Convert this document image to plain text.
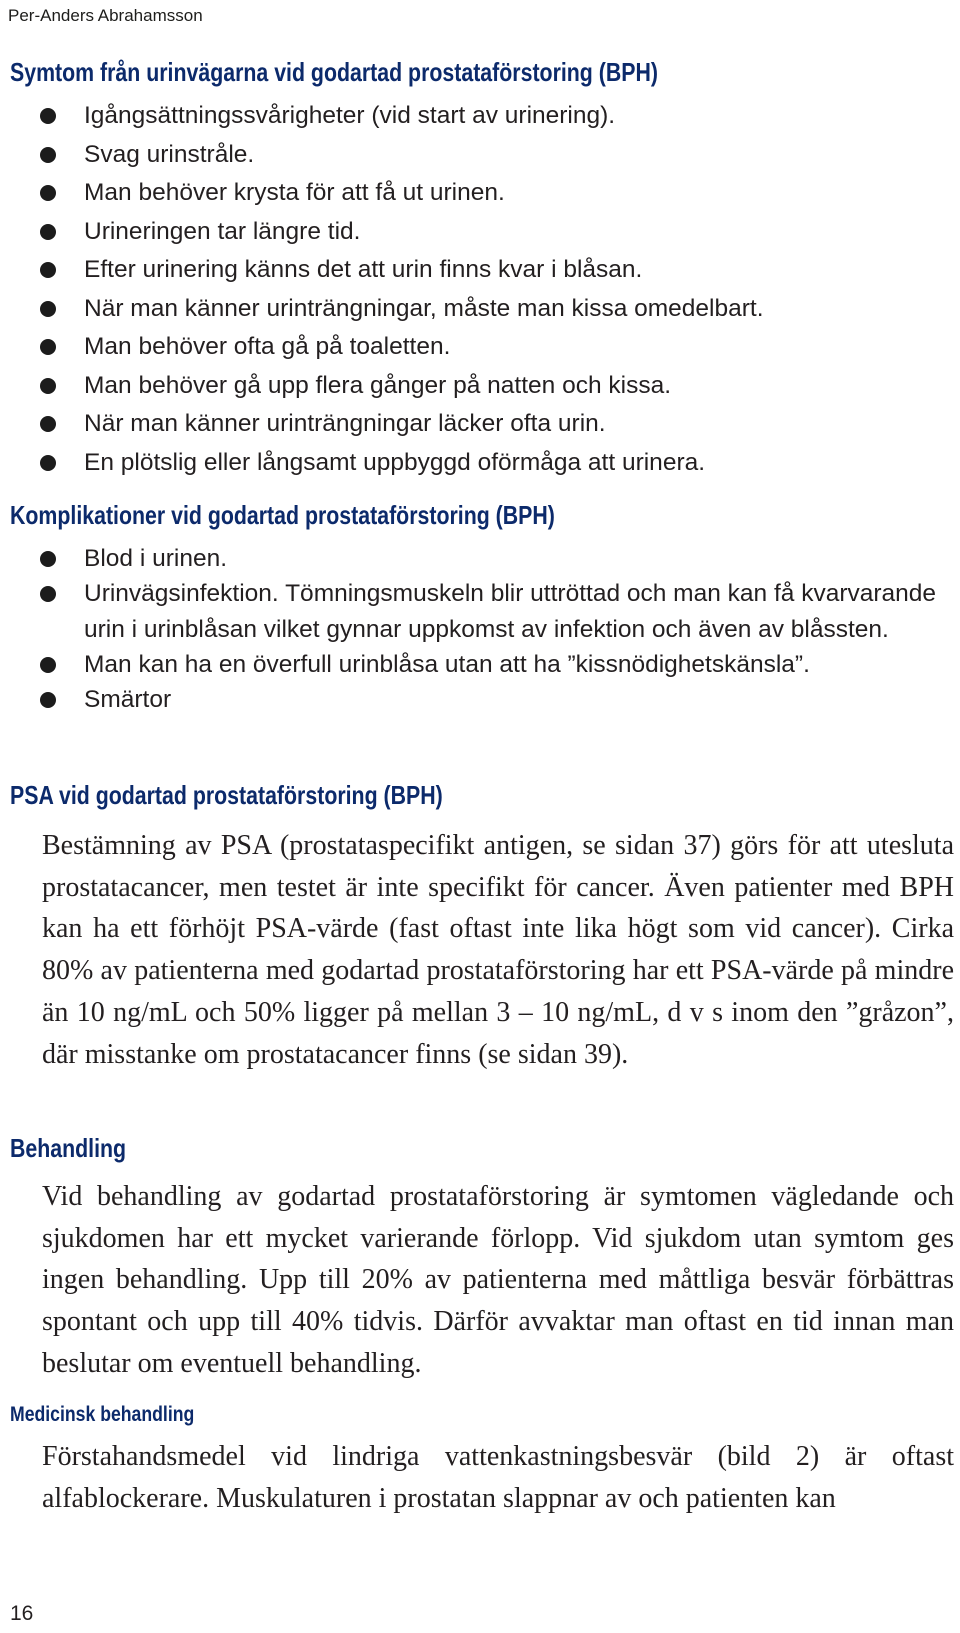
Per-Anders Abrahamsson
Symtom från urinvägarna vid godartad prostataförstoring (BPH)
Igångsättningssvårigheter (vid start av urinering).
Svag urinstråle.
Man behöver krysta för att få ut urinen.
Urineringen tar längre tid.
Efter urinering känns det att urin finns kvar i blåsan.
När man känner urinträngningar, måste man kissa omedelbart.
Man behöver ofta gå på toaletten.
Man behöver gå upp flera gånger på natten och kissa.
När man känner urinträngningar läcker ofta urin.
En plötslig eller långsamt uppbyggd oförmåga att urinera.
Komplikationer vid godartad prostataförstoring (BPH)
Blod i urinen.
Urinvägsinfektion. Tömningsmuskeln blir uttröttad och man kan få kvarvarande urin i urinblåsan vilket gynnar uppkomst av infektion och även av blåssten.
Man kan ha en överfull urinblåsa utan att ha ”kissnödighetskänsla”.
Smärtor
PSA vid godartad prostataförstoring (BPH)

Bestämning av PSA (prostataspecifikt antigen, se sidan 37) görs för att utesluta prostatacancer, men testet är inte specifikt för cancer. Även patienter med BPH kan ha ett förhöjt PSA-värde (fast oftast inte lika högt som vid cancer). Cirka 80% av patienterna med godartad prostataförstoring har ett PSA-värde på mindre än 10 ng/mL och 50% ligger på mellan 3 – 10 ng/mL, d v s inom den ”gråzon”, där misstanke om prostatacancer finns (se sidan 39).

Behandling

Vid behandling av godartad prostataförstoring är symtomen vägledande och sjukdomen har ett mycket varierande förlopp. Vid sjukdom utan symtom ges ingen behandling. Upp till 20% av patienterna med måttliga besvär förbättras spontant och upp till 40% tidvis. Därför avvaktar man oftast en tid innan man beslutar om eventuell behandling.

Medicinsk behandling

Förstahandsmedel vid lindriga vattenkastningsbesvär (bild 2) är oftast alfablockerare. Muskulaturen i prostatan slappnar av och patienten kan

16
